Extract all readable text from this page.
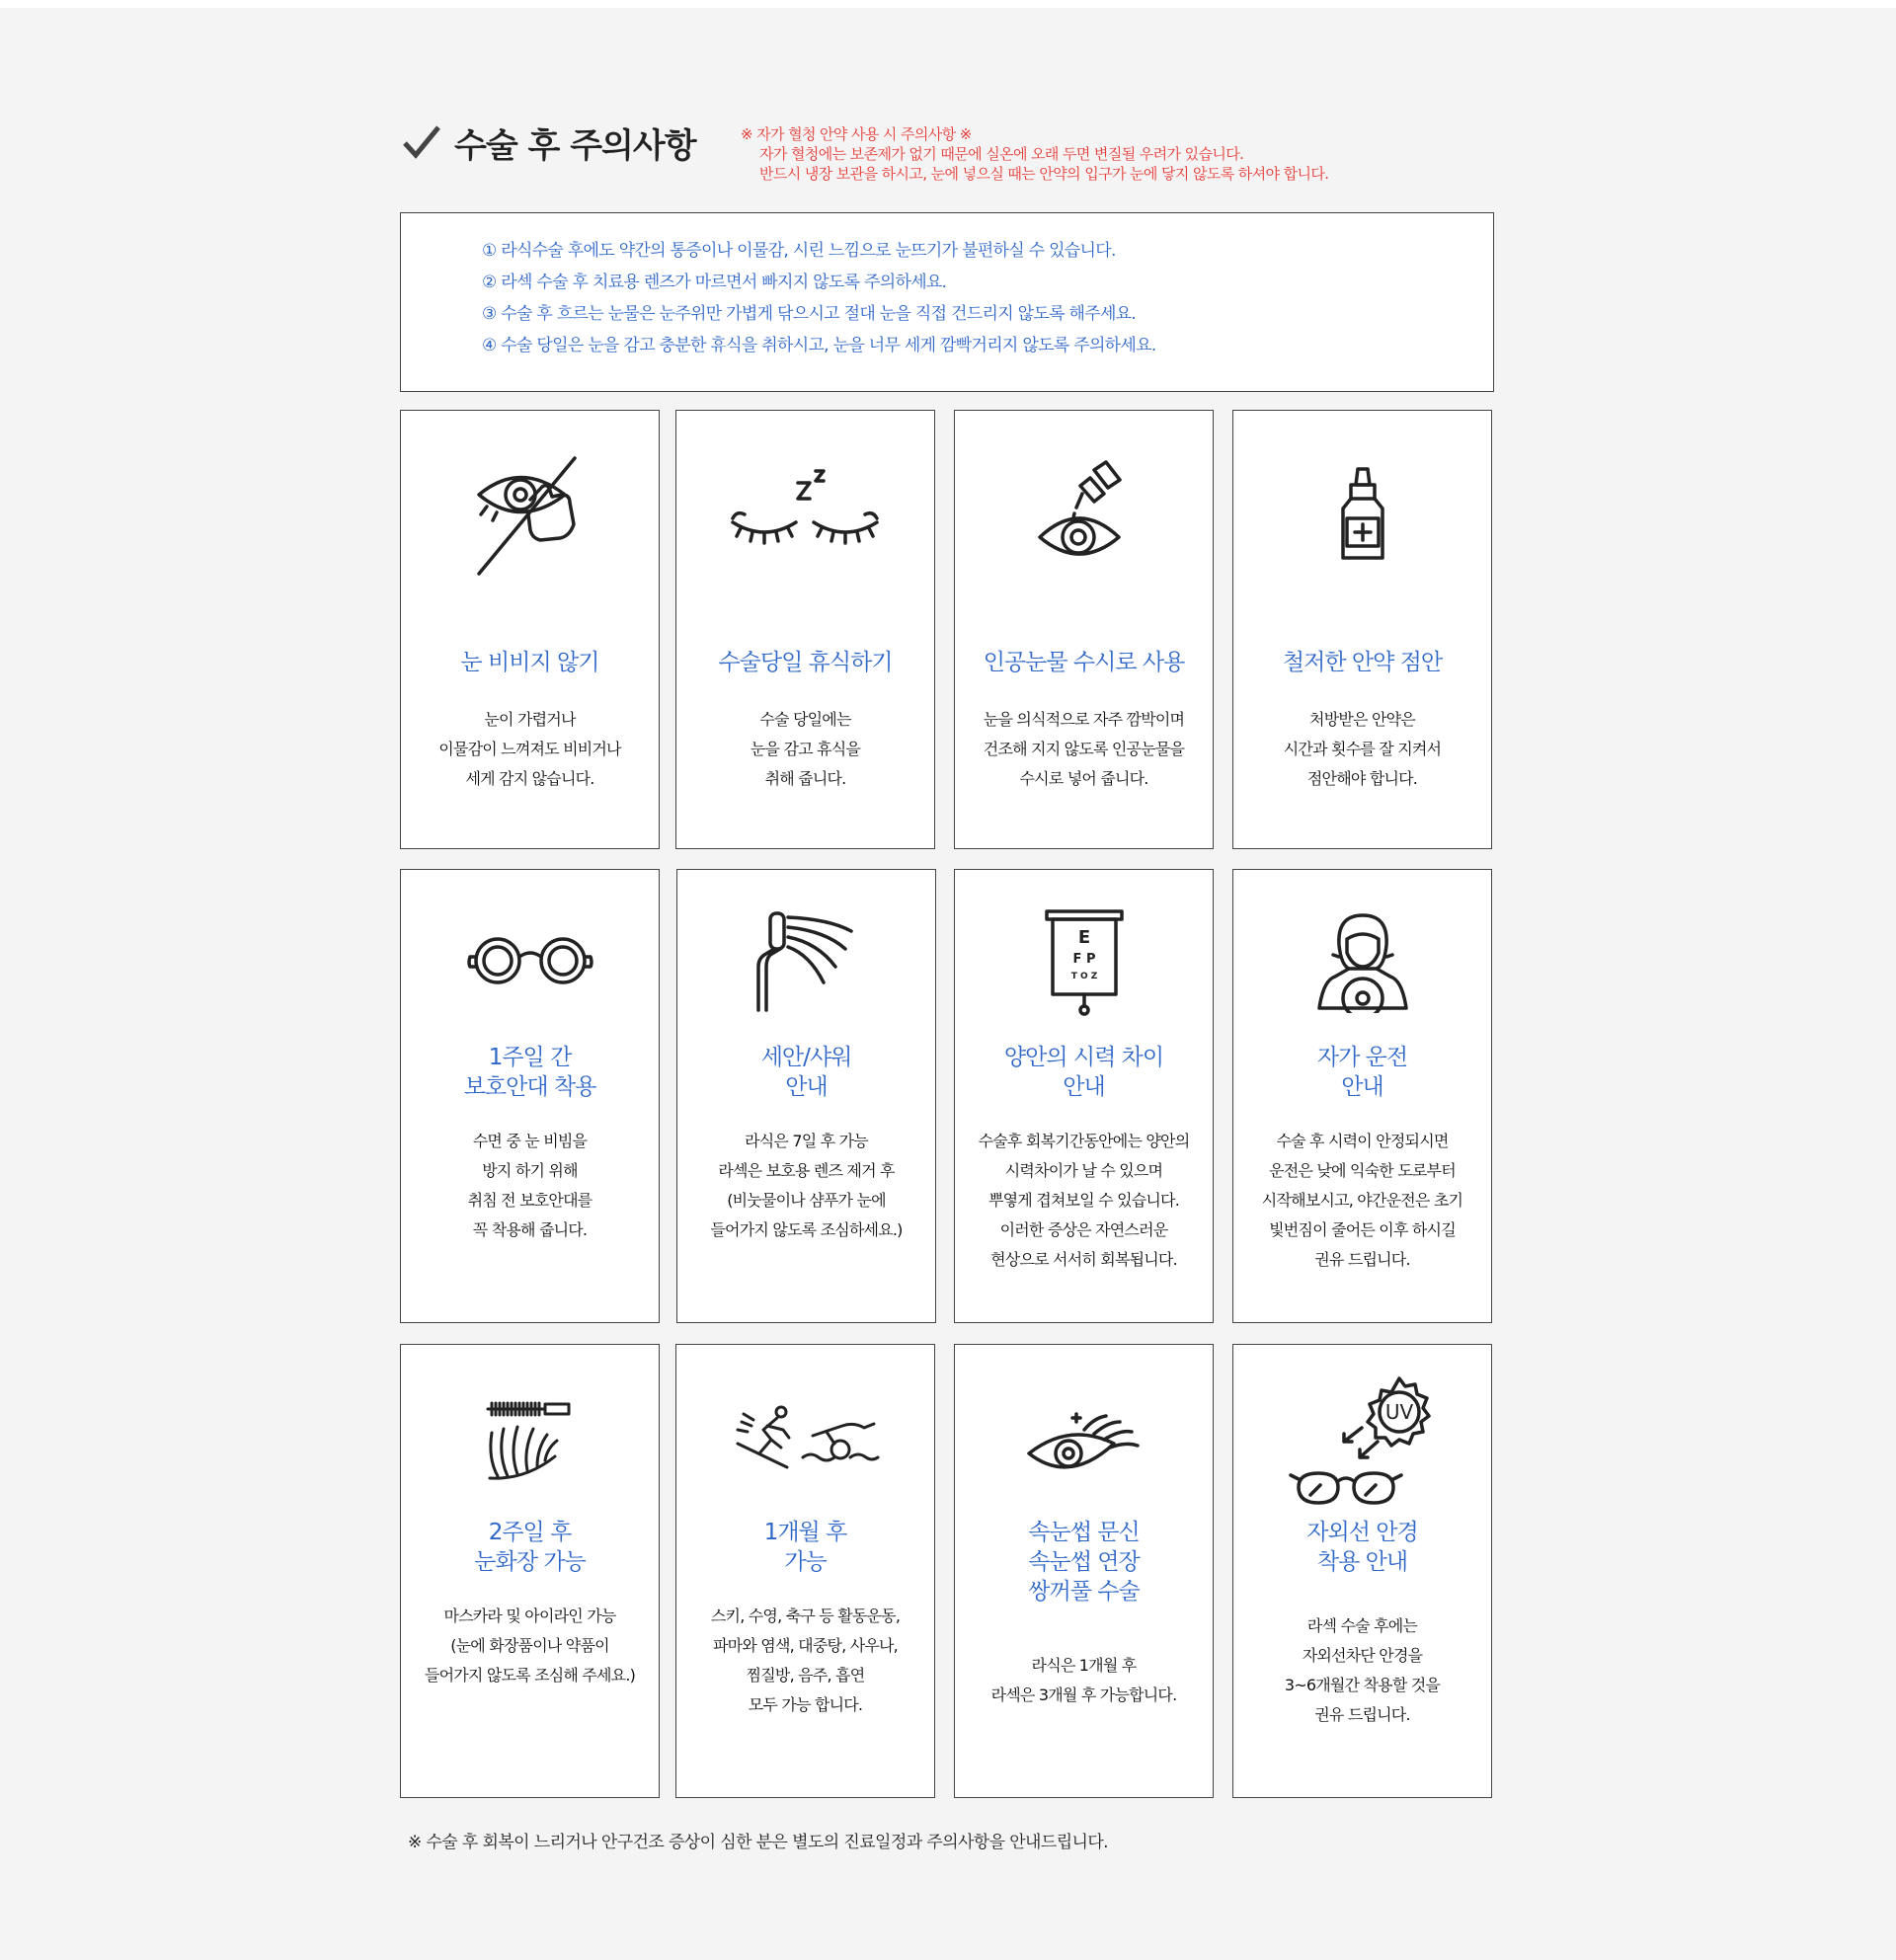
수술 후 주의사항	※ 자가 혈청 안약 사용 시 주의사항 ※
자가 혈청에는 보존제가 없기 때문에 실온에 오래 두면 변질될 우려가 있습니다.
반드시 냉장 보관을 하시고, 눈에 넣으실 때는 안약의 입구가 눈에 닿지 않도록 하셔야 합니다.
① 라식수술 후에도 약간의 통증이나 이물감, 시린 느낌으로 눈뜨기가 불편하실 수 있습니다.
② 라섹 수술 후 치료용 렌즈가 마르면서 빠지지 않도록 주의하세요.
③ 수술 후 흐르는 눈물은 눈주위만 가볍게 닦으시고 절대 눈을 직접 건드리지 않도록 해주세요.
④ 수술 당일은 눈을 감고 충분한 휴식을 취하시고, 눈을 너무 세게 깜빡거리지 않도록 주의하세요.
눈 비비지 않기
눈이 가렵거나
이물감이 느껴져도 비비거나
세게 감지 않습니다.
수술당일 휴식하기
수술 당일에는
눈을 감고 휴식을
취해 줍니다.
인공눈물 수시로 사용
눈을 의식적으로 자주 깜박이며
건조해 지지 않도록 인공눈물을
수시로 넣어 줍니다.
철저한 안약 점안
처방받은 안약은
시간과 횟수를 잘 지켜서
점안해야 합니다.
1주일 간
보호안대 착용
수면 중 눈 비빔을
방지 하기 위해
취침 전 보호안대를
꼭 착용해 줍니다.
세안/샤워
안내
라식은 7일 후 가능
라섹은 보호용 렌즈 제거 후
(비눗물이나 샴푸가 눈에
들어가지 않도록 조심하세요.)
E
F P
T O Z
양안의 시력 차이
안내
수술후 회복기간동안에는 양안의
시력차이가 날 수 있으며
뿌옇게 겹쳐보일 수 있습니다.
이러한 증상은 자연스러운
현상으로 서서히 회복됩니다.
자가 운전
안내
수술 후 시력이 안정되시면
운전은 낮에 익숙한 도로부터
시작해보시고, 야간운전은 초기
빛번짐이 줄어든 이후 하시길
권유 드립니다.
2주일 후
눈화장 가능
마스카라 및 아이라인 가능
(눈에 화장품이나 약품이
들어가지 않도록 조심해 주세요.)
1개월 후
가능
스키, 수영, 축구 등 활동운동,
파마와 염색, 대중탕, 사우나,
찜질방, 음주, 흡연
모두 가능 합니다.
속눈썹 문신
속눈썹 연장
쌍꺼풀 수술
라식은 1개월 후
라섹은 3개월 후 가능합니다.
UV
자외선 안경
착용 안내
라섹 수술 후에는
자외선차단 안경을
3~6개월간 착용할 것을
권유 드립니다.
※ 수술 후 회복이 느리거나 안구건조 증상이 심한 분은 별도의 진료일정과 주의사항을 안내드립니다.
